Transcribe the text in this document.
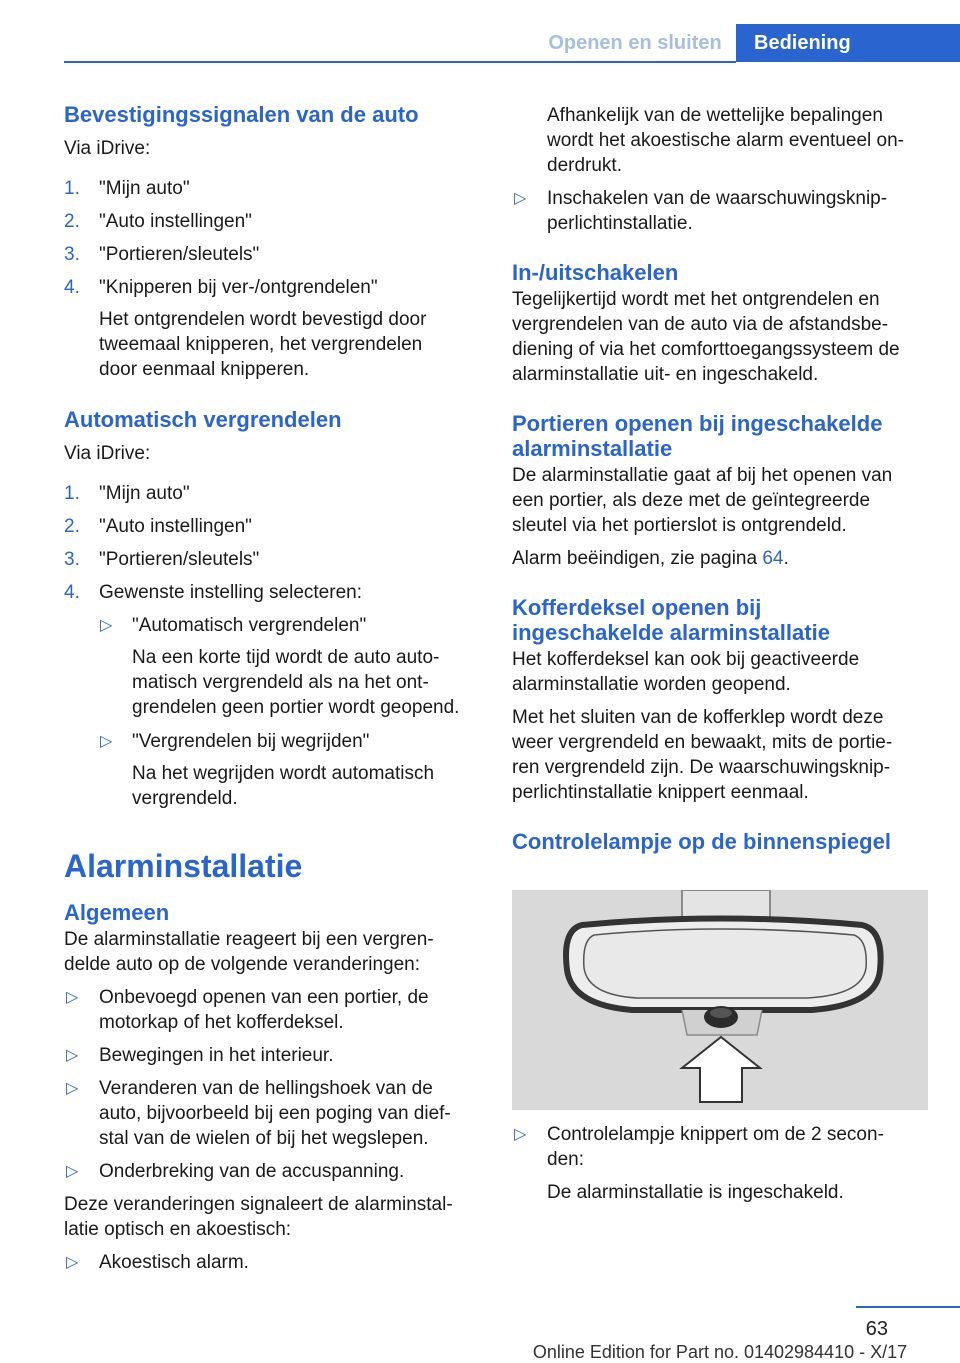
Openen en sluiten	Bediening
Bevestigingssignalen van de auto

Via iDrive:

1. "Mijn auto"
2. "Auto instellingen"
3. "Portieren/sleutels"
4. "Knipperen bij ver-/ontgrendelen"
Het ontgrendelen wordt bevestigd door
tweemaal knipperen, het vergrendelen
door eenmaal knipperen.
Automatisch vergrendelen

Via iDrive:

1. "Mijn auto"
2. "Auto instellingen"
3. "Portieren/sleutels"
4. Gewenste instelling selecteren:
▷ "Automatisch vergrendelen"
Na een korte tijd wordt de auto auto-
matisch vergrendeld als na het ont-
grendelen geen portier wordt geopend.
▷ "Vergrendelen bij wegrijden"
Na het wegrijden wordt automatisch
vergrendeld.
Alarminstallatie
Algemeen
De alarminstallatie reageert bij een vergren-
delde auto op de volgende veranderingen:
▷ Onbevoegd openen van een portier, de
motorkap of het kofferdeksel.
▷ Bewegingen in het interieur.
▷ Veranderen van de hellingshoek van de
auto, bijvoorbeeld bij een poging van dief-
stal van de wielen of bij het wegslepen.
▷ Onderbreking van de accuspanning.
Deze veranderingen signaleert de alarminstal-
latie optisch en akoestisch:
▷ Akoestisch alarm.
Afhankelijk van de wettelijke bepalingen
wordt het akoestische alarm eventueel on-
derdrukt.
▷ Inschakelen van de waarschuwingsknip-
perlichtinstallatie.
In-/uitschakelen
Tegelijkertijd wordt met het ontgrendelen en
vergrendelen van de auto via de afstandsbe-
diening of via het comforttoegangssysteem de
alarminstallatie uit- en ingeschakeld.
Portieren openen bij ingeschakelde
alarminstallatie
De alarminstallatie gaat af bij het openen van
een portier, als deze met de geïntegreerde
sleutel via het portierslot is ontgrendeld.
Alarm beëindigen, zie pagina 64.
Kofferdeksel openen bij
ingeschakelde alarminstallatie
Het kofferdeksel kan ook bij geactiveerde
alarminstallatie worden geopend.
Met het sluiten van de kofferklep wordt deze
weer vergrendeld en bewaakt, mits de portie-
ren vergrendeld zijn. De waarschuwingsknip-
perlichtinstallatie knippert eenmaal.
Controlelampje op de binnenspiegel
▷ Controlelampje knippert om de 2 secon-
den:
De alarminstallatie is ingeschakeld.
63
Online Edition for Part no. 01402984410 - X/17
